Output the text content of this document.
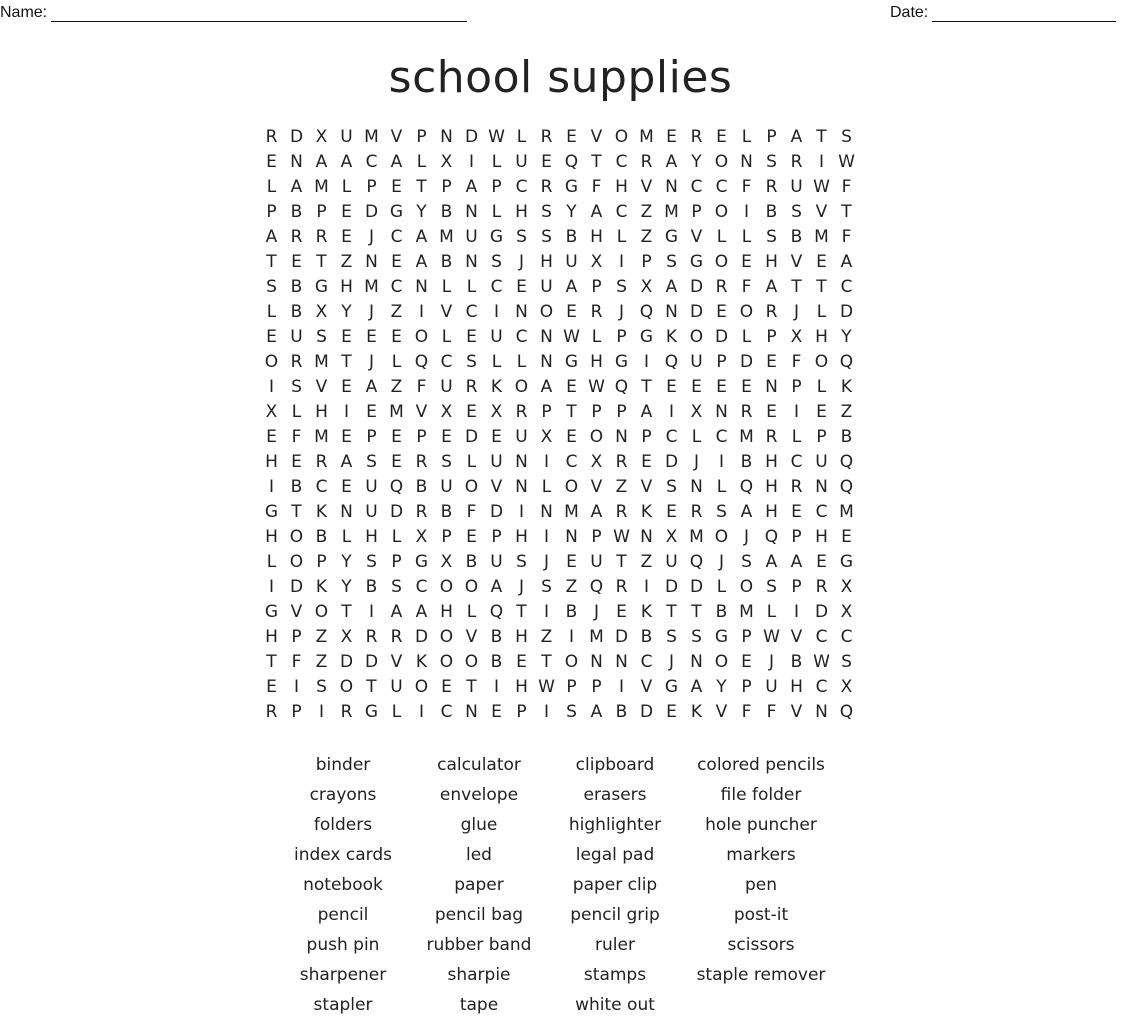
Name:	Date:
school supplies
R D X U M V P N D W L R E V O M E R E L P A T S
E N A A C A L X I	L U E Q T C R A Y O N S R I W
L A M L P E T P A P C R G F H V N C C F R U W F
P B P E D G Y B N L H S Y A C Z M P O I B S V T
A R R E	J C A M U G S S B H L Z G V L L S B M F
T E T Z N E A B N S	J H U X I	P S G O E H V E A
S B G H M C N L L C E U A P S X A D R F A T T C
L B X Y	J Z I V C I N O E R J Q N D E O R J	L D
E U S E E E O L E U C N W L P G K O D L P X H Y
O R M T	J	L Q C S L L N G H G I Q U P D E F O Q
I	S V E A Z F U R K O A E W Q T E E E E N P L K
X L H I	E M V X E X R P T P P A I X N R E	I	E Z
E F M E P E P E D E U X E O N P C L C M R L P B
H E R A S E R S L U N I C X R E D J	I B H C U Q
I B C E U Q B U O V N L O V Z V S N L Q H R N Q
G T K N U D R B F D I N M A R K E R S A H E C M
H O B L H L X P E P H I N P W N X M O J Q P H E
L O P Y S P G X B U S	J	E U T Z U Q J	S A A E G
I D K Y B S C O O A J	S Z Q R I D D L O S P R X
G V O T	I A A H L Q T	I B J	E K T T B M L	I D X
H P Z X R R D O V B H Z I M D B S S G P W V C C
T F Z D D V K O O B E T O N N C J N O E	J B W S
E	I	S O T U O E T	I H W P P	I V G A Y P U H C X
R P	I R G L	I C N E P	I	S A B D E K V F F V N Q
binder	calculator	clipboard	colored pencils
crayons	envelope	erasers	file folder
folders	glue	highlighter	hole puncher
index cards	led	legal pad	markers
notebook	paper	paper clip	pen
pencil	pencil bag	pencil grip	post-it
push pin	rubber band	ruler	scissors
sharpener	sharpie	stamps	staple remover
stapler	tape	white out
